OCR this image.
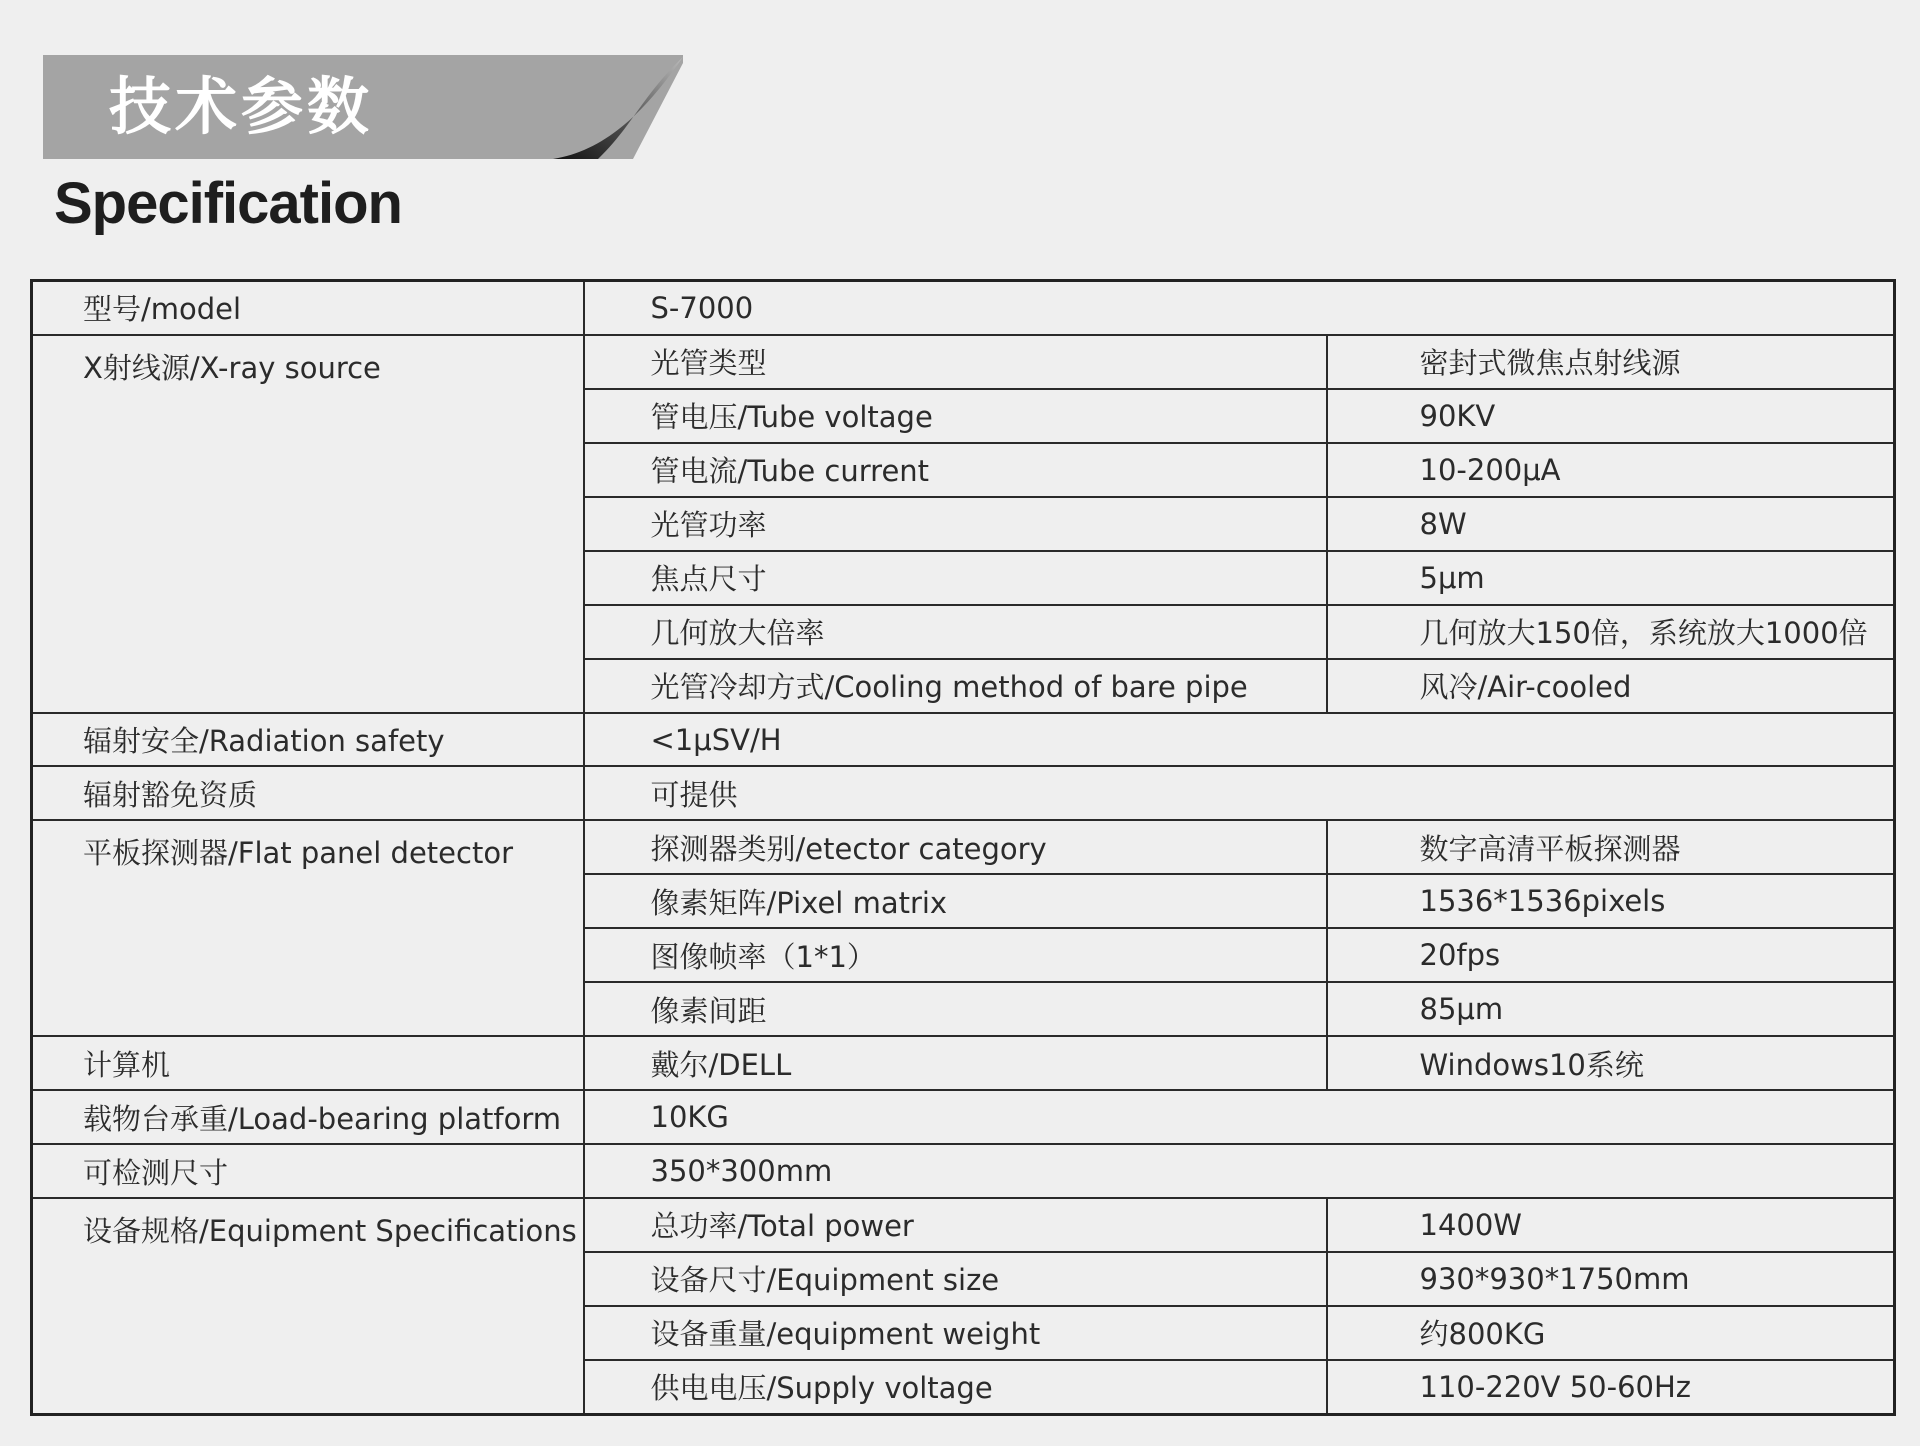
技术参数
Specification
型号/model	S-7000	
X射线源/X-ray source	光管类型	密封式微焦点射线源
	管电压/Tube voltage	90KV
	管电流/Tube current	10-200μA
	光管功率	8W
	焦点尺寸	5μm
	几何放大倍率	几何放大150倍，系统放大1000倍
	光管冷却方式/Cooling method of bare pipe	风冷/Air-cooled
辐射安全/Radiation safety	<1μSV/H	
辐射豁免资质	可提供	
平板探测器/Flat panel detector	探测器类别/etector category	数字高清平板探测器
	像素矩阵/Pixel matrix	1536*1536pixels
	图像帧率（1*1）	20fps
	像素间距	85μm
计算机	戴尔/DELL	Windows10系统
载物台承重/Load-bearing platform	10KG	
可检测尺寸	350*300mm	
设备规格/Equipment Specifications	总功率/Total power	1400W
	设备尺寸/Equipment size	930*930*1750mm
	设备重量/equipment weight	约800KG
	供电电压/Supply voltage	110-220V 50-60Hz
